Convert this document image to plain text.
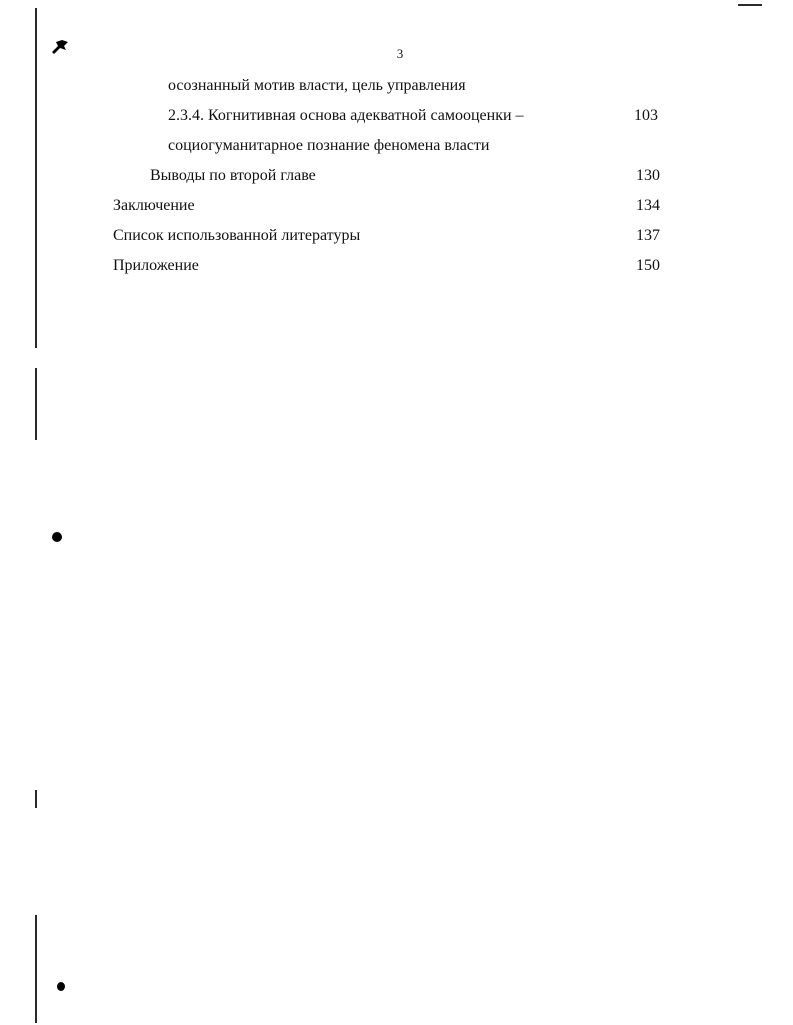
3
осознанный мотив власти, цель управления
2.3.4. Когнитивная основа адекватной самооценки –	103
социогуманитарное познание феномена власти
Выводы по второй главе	130
Заключение	134
Список использованной литературы	137
Приложение	150
